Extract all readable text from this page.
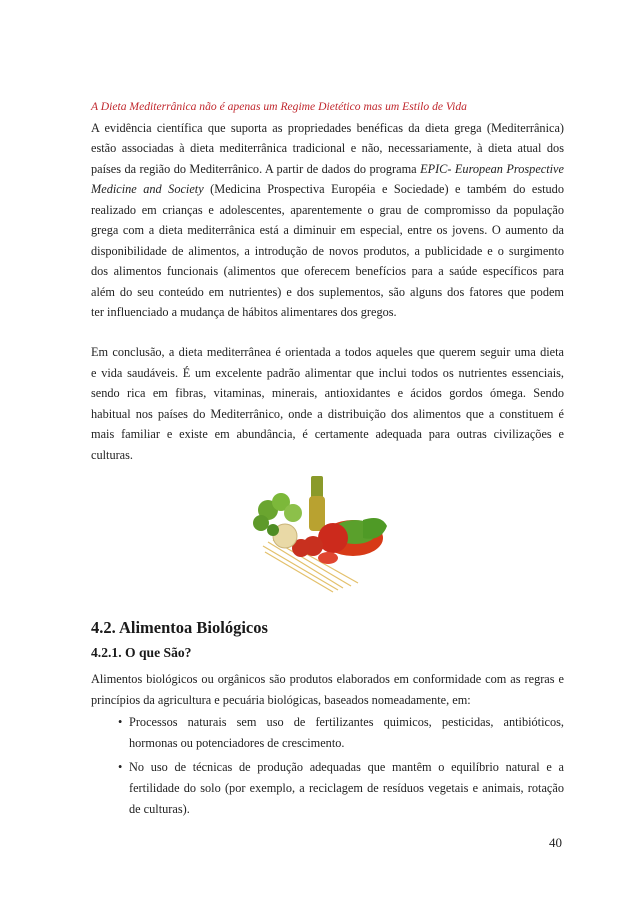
A Dieta Mediterrânica não é apenas um Regime Dietético mas um Estilo de Vida
A evidência científica que suporta as propriedades benéficas da dieta grega (Mediterrânica)
estão associadas à dieta mediterrânica tradicional e não, necessariamente, à dieta atual dos
países da região do Mediterrânico. A partir de dados do programa EPIC- European Prospective
Medicine and Society (Medicina Prospectiva Européia e Sociedade) e também do estudo
realizado em crianças e adolescentes, aparentemente o grau de compromisso da população
grega com a dieta mediterrânica está a diminuir em especial, entre os jovens. O aumento da
disponibilidade de alimentos, a introdução de novos produtos, a publicidade e o surgimento
dos alimentos funcionais (alimentos que oferecem benefícios para a saúde específicos para
além do seu conteúdo em nutrientes) e dos suplementos, são alguns dos fatores que podem
ter influenciado a mudança de hábitos alimentares dos gregos.
Em conclusão, a dieta mediterrânea é orientada a todos aqueles que querem seguir uma dieta
e vida saudáveis. É um excelente padrão alimentar que inclui todos os nutrientes essenciais,
sendo rica em fibras, vitaminas, minerais, antioxidantes e ácidos gordos ómega. Sendo
habitual nos países do Mediterrânico, onde a distribuição dos alimentos que a constituem é
mais familiar e existe em abundância, é certamente adequada para outras civilizações e
culturas.
4.2. Alimentoa Biológicos
4.2.1. O que São?
Alimentos biológicos ou orgânicos são produtos elaborados em conformidade com as regras e
princípios da agricultura e pecuária biológicas, baseados nomeadamente, em:
• Processos naturais sem uso de fertilizantes quimicos, pesticidas, antibióticos,
hormonas ou potenciadores de crescimento.
• No uso de técnicas de produção adequadas que mantêm o equilíbrio natural e a
fertilidade do solo (por exemplo, a reciclagem de resíduos vegetais e animais, rotação
de culturas).
40
